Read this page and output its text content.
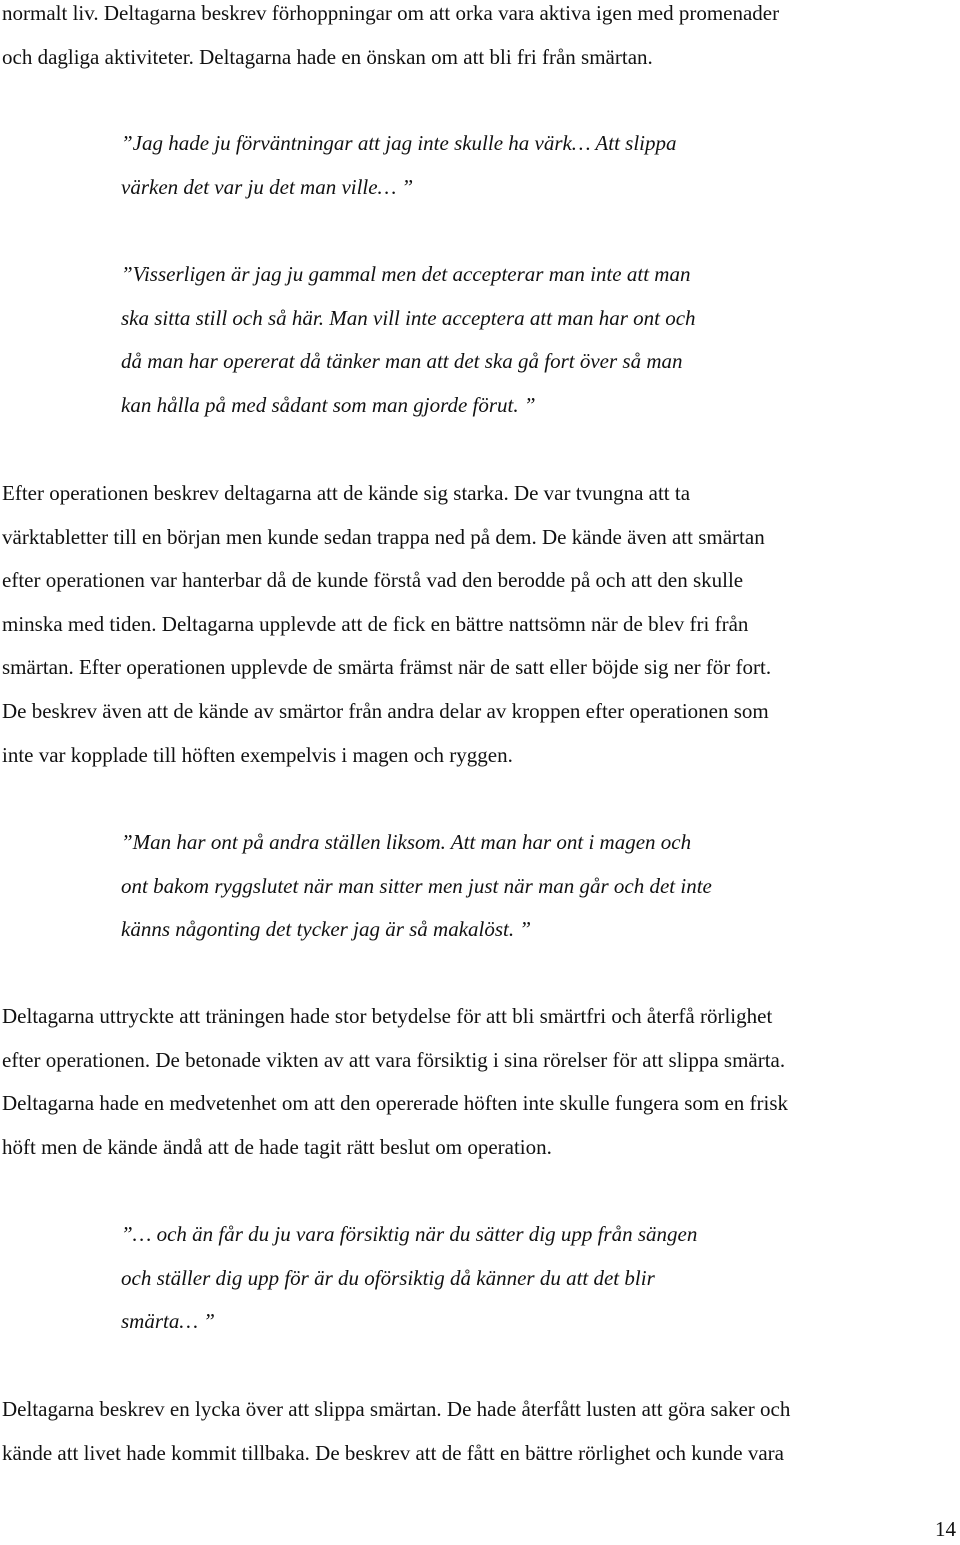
normalt liv. Deltagarna beskrev förhoppningar om att orka vara aktiva igen med promenader
och dagliga aktiviteter. Deltagarna hade en önskan om att bli fri från smärtan.
”Jag hade ju förväntningar att jag inte skulle ha värk… Att slippa
värken det var ju det man ville… ”
”Visserligen är jag ju gammal men det accepterar man inte att man
ska sitta still och så här. Man vill inte acceptera att man har ont och
då man har opererat då tänker man att det ska gå fort över så man
kan hålla på med sådant som man gjorde förut. ”
Efter operationen beskrev deltagarna att de kände sig starka. De var tvungna att ta
värktabletter till en början men kunde sedan trappa ned på dem. De kände även att smärtan
efter operationen var hanterbar då de kunde förstå vad den berodde på och att den skulle
minska med tiden. Deltagarna upplevde att de fick en bättre nattsömn när de blev fri från
smärtan. Efter operationen upplevde de smärta främst när de satt eller böjde sig ner för fort.
De beskrev även att de kände av smärtor från andra delar av kroppen efter operationen som
inte var kopplade till höften exempelvis i magen och ryggen.
”Man har ont på andra ställen liksom. Att man har ont i magen och
ont bakom ryggslutet när man sitter men just när man går och det inte
känns någonting det tycker jag är så makalöst. ”
Deltagarna uttryckte att träningen hade stor betydelse för att bli smärtfri och återfå rörlighet
efter operationen. De betonade vikten av att vara försiktig i sina rörelser för att slippa smärta.
Deltagarna hade en medvetenhet om att den opererade höften inte skulle fungera som en frisk
höft men de kände ändå att de hade tagit rätt beslut om operation.
”… och än får du ju vara försiktig när du sätter dig upp från sängen
och ställer dig upp för är du oförsiktig då känner du att det blir
smärta… ”
Deltagarna beskrev en lycka över att slippa smärtan. De hade återfått lusten att göra saker och
kände att livet hade kommit tillbaka. De beskrev att de fått en bättre rörlighet och kunde vara
14
